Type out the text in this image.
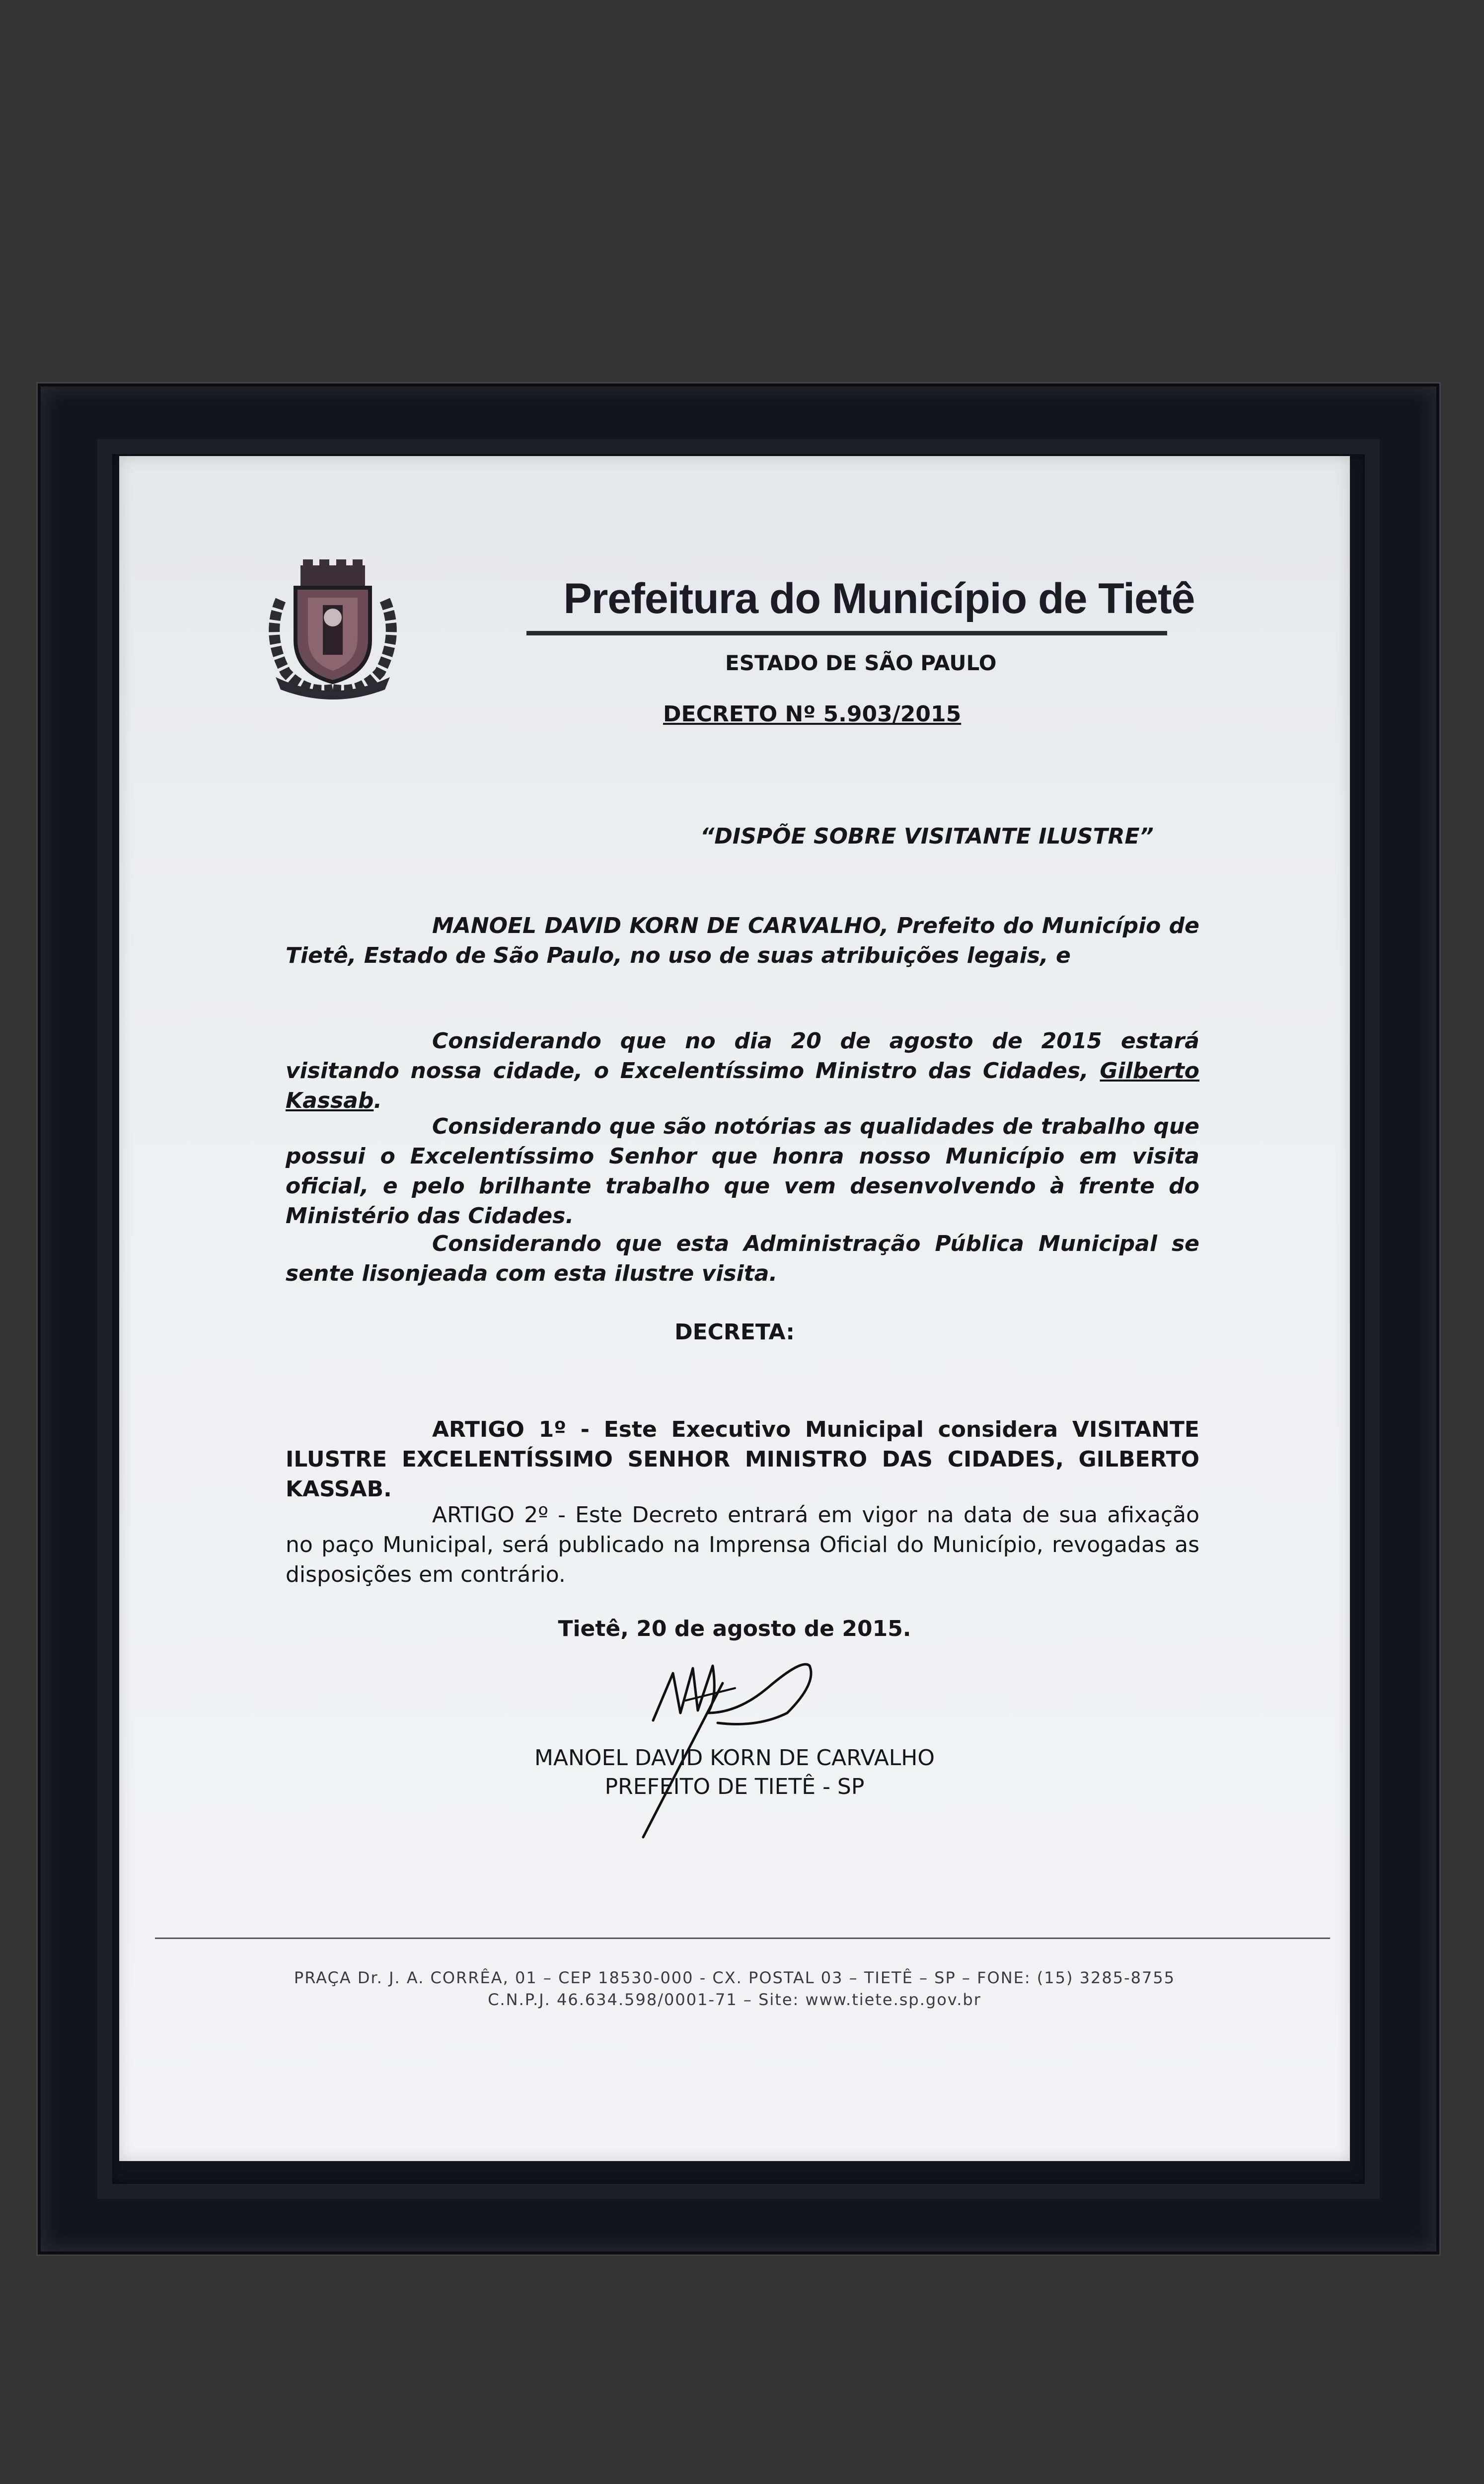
Prefeitura do Município de Tietê
ESTADO DE SÃO PAULO
DECRETO Nº 5.903/2015
“DISPÕE SOBRE VISITANTE ILUSTRE”
MANOEL DAVID KORN DE CARVALHO, Prefeito do Município de Tietê, Estado de São Paulo, no uso de suas atribuições legais, e
Considerando que no dia 20 de agosto de 2015 estará visitando nossa cidade, o Excelentíssimo Ministro das Cidades, Gilberto Kassab.
Considerando que são notórias as qualidades de trabalho que possui o Excelentíssimo Senhor que honra nosso Município em visita oficial, e pelo brilhante trabalho que vem desenvolvendo à frente do Ministério das Cidades.
Considerando que esta Administração Pública Municipal se sente lisonjeada com esta ilustre visita.
DECRETA:
ARTIGO 1º - Este Executivo Municipal considera VISITANTE ILUSTRE EXCELENTÍSSIMO SENHOR MINISTRO DAS CIDADES, GILBERTO KASSAB.
ARTIGO 2º - Este Decreto entrará em vigor na data de sua afixação no paço Municipal, será publicado na Imprensa Oficial do Município, revogadas as disposições em contrário.
Tietê, 20 de agosto de 2015.
MANOEL DAVID KORN DE CARVALHO
PREFEITO DE TIETÊ - SP
PRAÇA Dr. J. A. CORRÊA, 01 – CEP 18530-000 - CX. POSTAL 03 – TIETÊ – SP – FONE: (15) 3285-8755
C.N.P.J. 46.634.598/0001-71 – Site: www.tiete.sp.gov.br
